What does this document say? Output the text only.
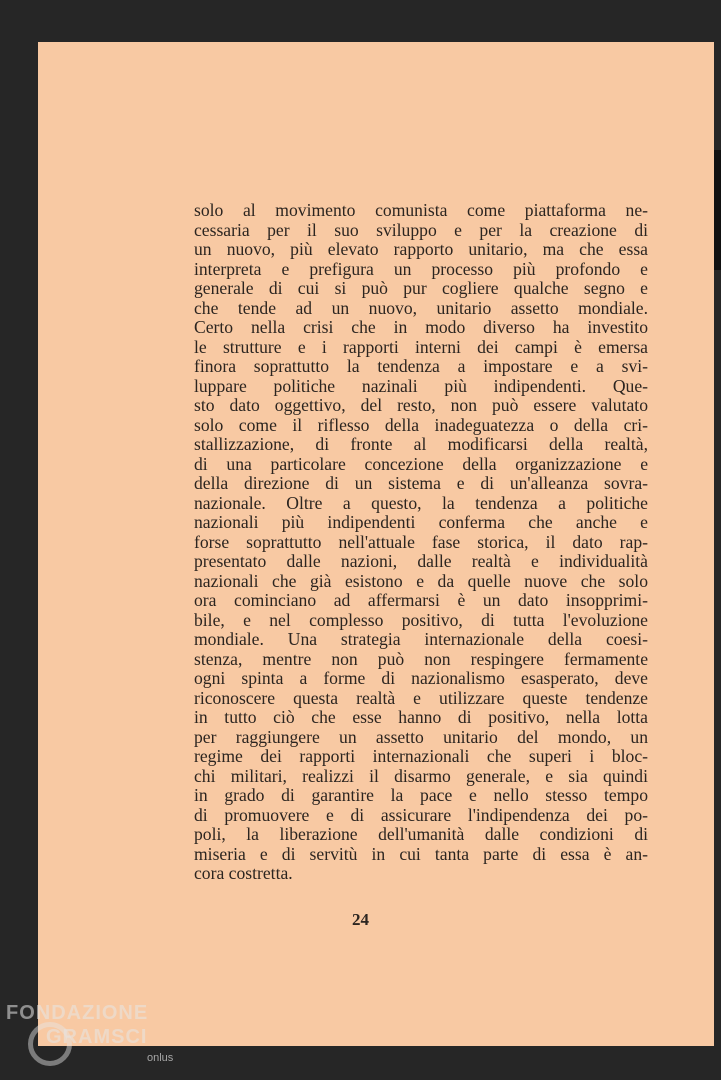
solo al movimento comunista come piattaforma ne-
cessaria per il suo sviluppo e per la creazione di
un nuovo, più elevato rapporto unitario, ma che essa
interpreta e prefigura un processo più profondo e
generale di cui si può pur cogliere qualche segno e
che tende ad un nuovo, unitario assetto mondiale.
Certo nella crisi che in modo diverso ha investito
le strutture e i rapporti interni dei campi è emersa
finora soprattutto la tendenza a impostare e a svi-
luppare politiche nazinali più indipendenti. Que-
sto dato oggettivo, del resto, non può essere valutato
solo come il riflesso della inadeguatezza o della cri-
stallizzazione, di fronte al modificarsi della realtà,
di una particolare concezione della organizzazione e
della direzione di un sistema e di un'alleanza sovra-
nazionale. Oltre a questo, la tendenza a politiche
nazionali più indipendenti conferma che anche e
forse soprattutto nell'attuale fase storica, il dato rap-
presentato dalle nazioni, dalle realtà e individualità
nazionali che già esistono e da quelle nuove che solo
ora cominciano ad affermarsi è un dato insopprimi-
bile, e nel complesso positivo, di tutta l'evoluzione
mondiale. Una strategia internazionale della coesi-
stenza, mentre non può non respingere fermamente
ogni spinta a forme di nazionalismo esasperato, deve
riconoscere questa realtà e utilizzare queste tendenze
in tutto ciò che esse hanno di positivo, nella lotta
per raggiungere un assetto unitario del mondo, un
regime dei rapporti internazionali che superi i bloc-
chi militari, realizzi il disarmo generale, e sia quindi
in grado di garantire la pace e nello stesso tempo
di promuovere e di assicurare l'indipendenza dei po-
poli, la liberazione dell'umanità dalle condizioni di
miseria e di servitù in cui tanta parte di essa è an-
cora costretta.
24
FONDAZIONE
GRAMSCI
onlus
